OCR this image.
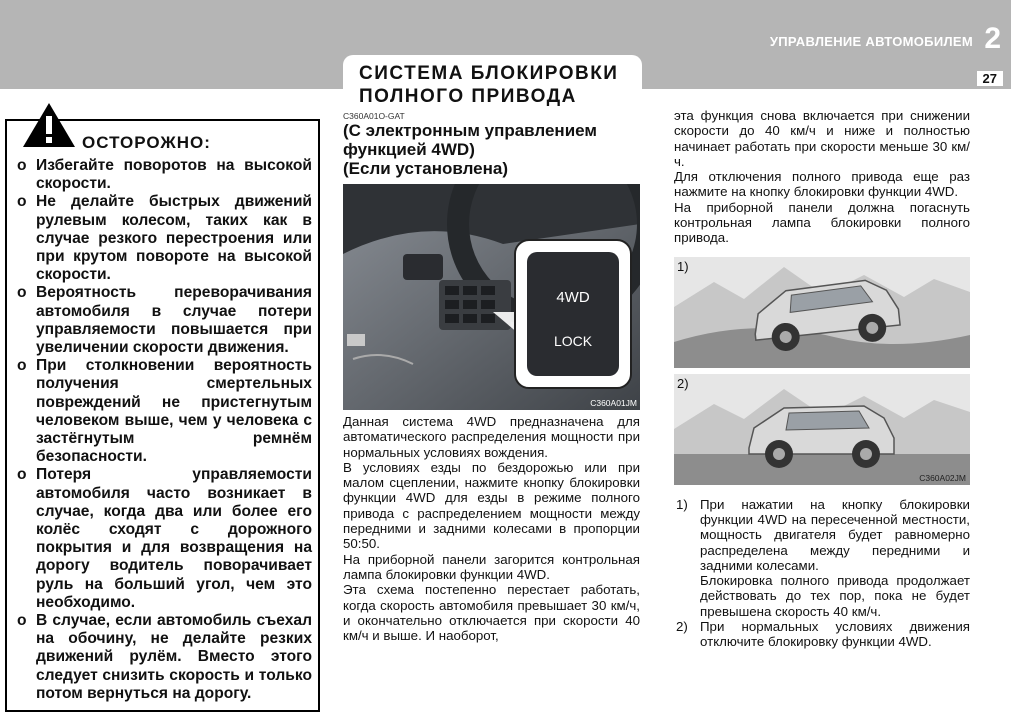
УПРАВЛЕНИЕ АВТОМОБИЛЕМ 2
27
СИСТЕМА БЛОКИРОВКИ
ПОЛНОГО ПРИВОДА
ОСТОРОЖНО:
o Избегайте поворотов на высокой скорости.
o Не делайте быстрых движений рулевым колесом, таких как в случае резкого перестроения или при крутом повороте на высокой скорости.
o Вероятность переворачивания автомобиля в случае потери управляемости повышается при увеличении скорости движения.
o При столкновении вероятность получения смертельных повреждений не пристегнутым человеком выше, чем у человека с застёгнутым ремнём безопасности.
o Потеря управляемости автомобиля часто возникает в случае, когда два или более его колёс сходят с дорожного покрытия и для возвращения на дорогу водитель поворачивает руль на больший угол, чем это необходимо.
o В случае, если автомобиль съехал на обочину, не делайте резких движений рулём. Вместо этого следует снизить скорость и только потом вернуться на дорогу.
C360A01O-GAT
(С электронным управлением
функцией 4WD)
(Если установлена)
4WD
LOCK
C360A01JM

Данная система 4WD предназначена для автоматического распределения мощности при нормальных условиях вождения.

В условиях езды по бездорожью или при малом сцеплении, нажмите кнопку блокировки функции 4WD для езды в режиме полного привода с распределением мощности между передними и задними колесами в пропорции 50:50.

На приборной панели загорится контрольная лампа блокировки функции 4WD.

Эта схема постепенно перестает работать, когда скорость автомобиля превышает 30 км/ч, и окончательно отключается при скорости 40 км/ч и выше. И наоборот,

эта функция снова включается при снижении скорости до 40 км/ч и ниже и полностью начинает работать при скорости меньше 30 км/ч.

Для отключения полного привода еще раз нажмите на кнопку блокировки функции 4WD.

На приборной панели должна погаснуть контрольная лампа блокировки полного привода.

1)
2)
C360A02JM
1) При нажатии на кнопку блокировки функции 4WD на пересеченной местности, мощность двигателя будет равномерно распределена между передними и задними колесами.
Блокировка полного привода продолжает действовать до тех пор, пока не будет превышена скорость 40 км/ч.
2) При нормальных условиях движения отключите блокировку функции 4WD.
